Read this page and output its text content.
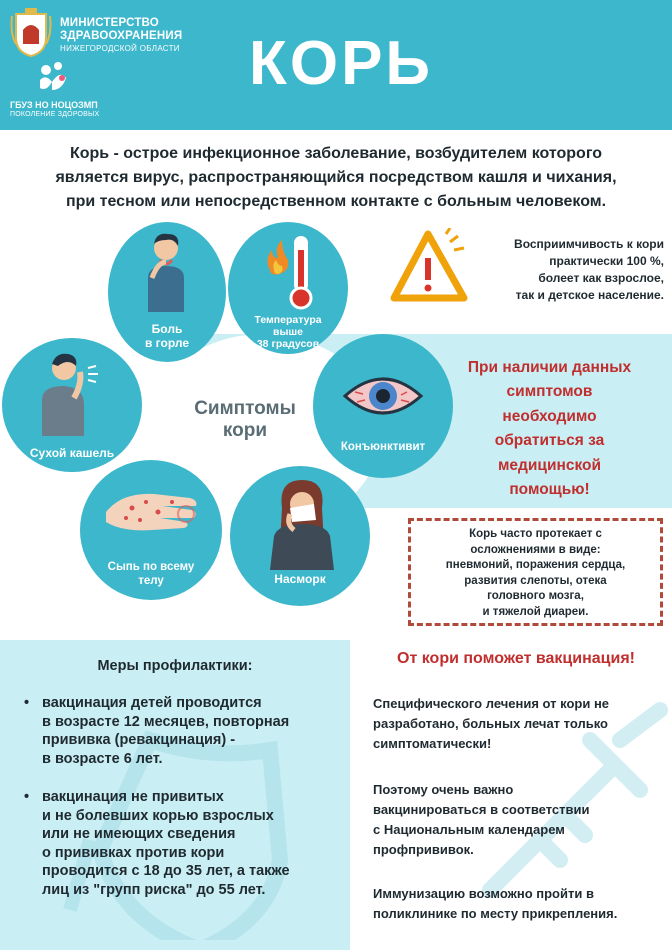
МИНИСТЕРСТВО
ЗДРАВООХРАНЕНИЯ
НИЖЕГОРОДСКОЙ ОБЛАСТИ
ГБУЗ НО НОЦОЗМП
ПОКОЛЕНИЕ ЗДОРОВЫХ
КОРЬ
Корь - острое инфекционное заболевание, возбудителем которого
является вирус, распространяющийся посредством кашля и чихания,
при тесном или непосредственном контакте с больным человеком.
Симптомы
кори
Боль
в горле
Температура
выше
38 градусов
Сухой кашель	Конъюнктивит
Сыпь по всему
телу	Насморк
Восприимчивость к кори
практически 100 %,
болеет как взрослое,
так и детское население.
При наличии данных
симптомов
необходимо
обратиться за
медицинской
помощью!
Корь часто протекает с
осложнениями в виде:
пневмоний, поражения сердца,
развития слепоты, отека
головного мозга,
и тяжелой диареи.
Меры профилактики:
• вакцинация детей проводится
в возрасте 12 месяцев, повторная
прививка (ревакцинация) -
в возрасте 6 лет.
• вакцинация не привитых
и не болевших корью взрослых
или не имеющих сведения
о прививках против кори
проводится с 18 до 35 лет, а также
лиц из "групп риска" до 55 лет.
От кори поможет вакцинация!
Специфического лечения от кори не
разработано, больных лечат только
симптоматически!
Поэтому очень важно
вакцинироваться в соответствии
с Национальным календарем
профпрививок.
Иммунизацию возможно пройти в
поликлинике по месту прикрепления.
